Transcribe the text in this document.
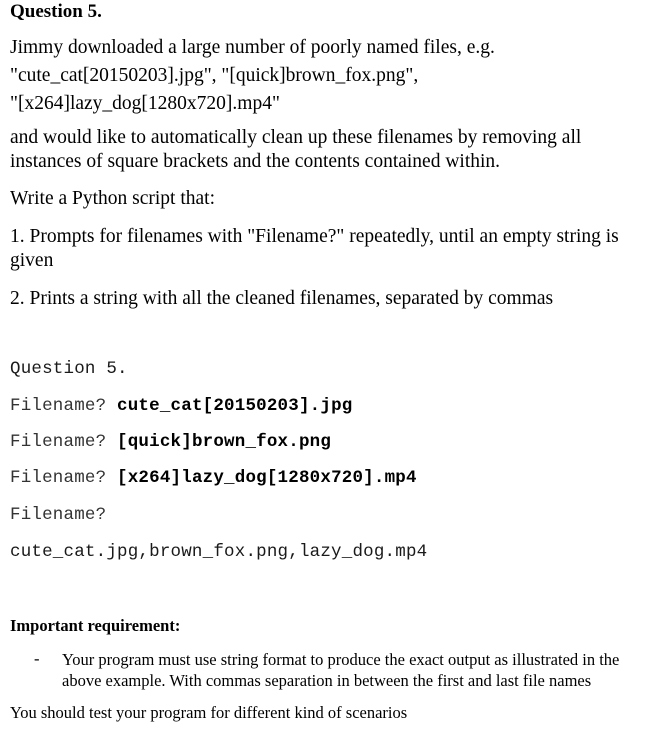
Question 5.
Jimmy downloaded a large number of poorly named files, e.g.
"cute_cat[20150203].jpg", "[quick]brown_fox.png",
"[x264]lazy_dog[1280x720].mp4"
and would like to automatically clean up these filenames by removing all
instances of square brackets and the contents contained within.
Write a Python script that:
1. Prompts for filenames with "Filename?" repeatedly, until an empty string is
given
2. Prints a string with all the cleaned filenames, separated by commas
Question 5.
Filename? cute_cat[20150203].jpg
Filename? [quick]brown_fox.png
Filename? [x264]lazy_dog[1280x720].mp4
Filename?
cute_cat.jpg,brown_fox.png,lazy_dog.mp4
Important requirement:
- Your program must use string format to produce the exact output as illustrated in the
above example. With commas separation in between the first and last file names
You should test your program for different kind of scenarios
